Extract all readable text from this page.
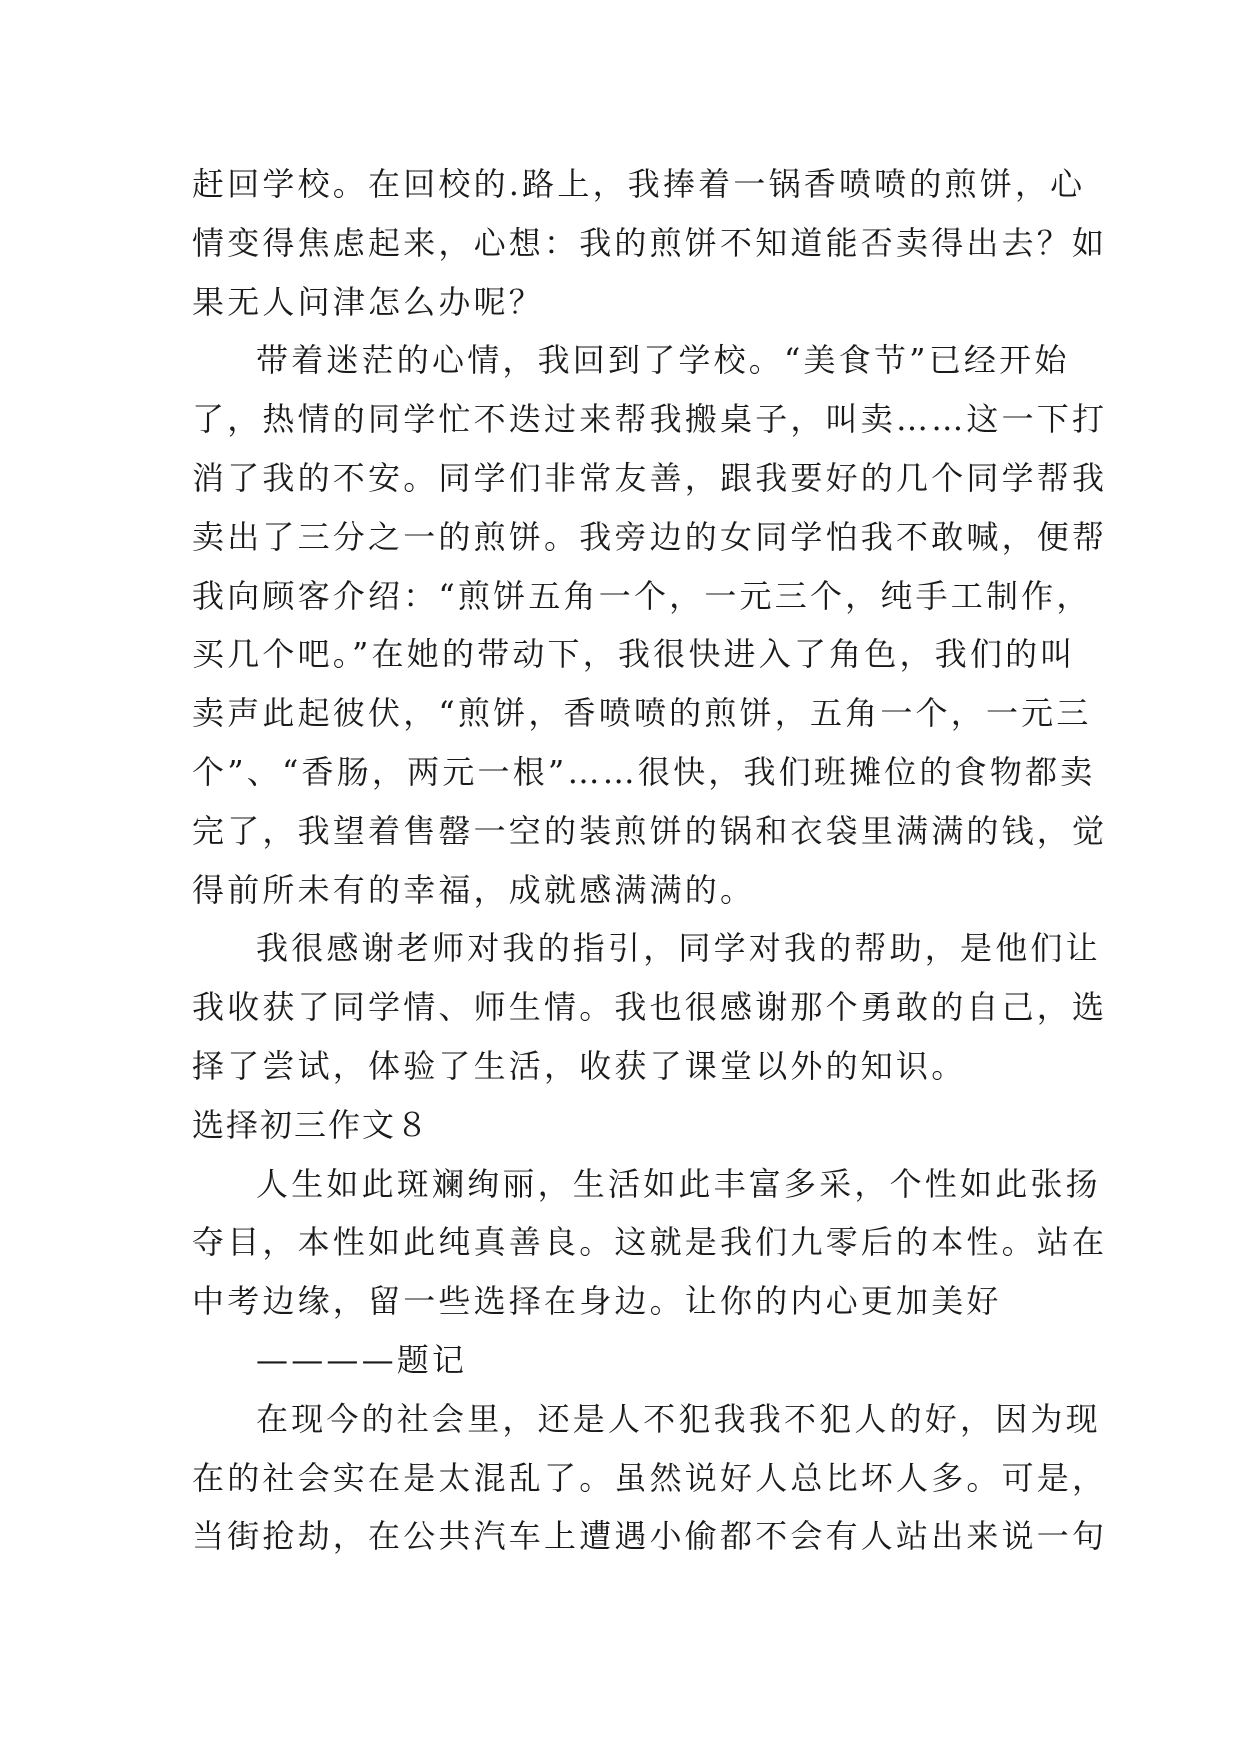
赶回学校。在回校的.路上，我捧着一锅香喷喷的煎饼，心
情变得焦虑起来，心想：我的煎饼不知道能否卖得出去？如
果无人问津怎么办呢？
带着迷茫的心情，我回到了学校。“美食节”已经开始
了，热情的同学忙不迭过来帮我搬桌子，叫卖……这一下打
消了我的不安。同学们非常友善，跟我要好的几个同学帮我
卖出了三分之一的煎饼。我旁边的女同学怕我不敢喊，便帮
我向顾客介绍：“煎饼五角一个，一元三个，纯手工制作，
买几个吧。”在她的带动下，我很快进入了角色，我们的叫
卖声此起彼伏，“煎饼，香喷喷的煎饼，五角一个，一元三
个”、“香肠，两元一根”……很快，我们班摊位的食物都卖
完了，我望着售罄一空的装煎饼的锅和衣袋里满满的钱，觉
得前所未有的幸福，成就感满满的。
我很感谢老师对我的指引，同学对我的帮助，是他们让
我收获了同学情、师生情。我也很感谢那个勇敢的自己，选
择了尝试，体验了生活，收获了课堂以外的知识。
选择初三作文８
人生如此斑斓绚丽，生活如此丰富多采，个性如此张扬
夺目，本性如此纯真善良。这就是我们九零后的本性。站在
中考边缘，留一些选择在身边。让你的内心更加美好
————题记
在现今的社会里，还是人不犯我我不犯人的好，因为现
在的社会实在是太混乱了。虽然说好人总比坏人多。可是，
当街抢劫，在公共汽车上遭遇小偷都不会有人站出来说一句
